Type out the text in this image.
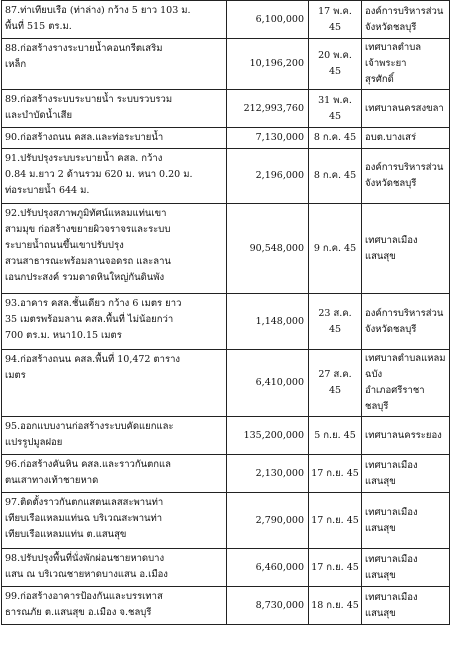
87.ท่าเทียบเรือ (ท่าล่าง) กว้าง 5 ยาว 103 ม.
พื้นที่ 515 ตร.ม.	6,100,000	17 พ.ค. 45	องค์การบริหารส่วน
จังหวัดชลบุรี
88.ก่อสร้างรางระบายน้ำคอนกรีตเสริม
เหล็ก	10,196,200	20 พ.ค. 45	เทศบาลตำบลเจ้าพระยา
สุรศักดิ์
89.ก่อสร้างระบบระบายน้ำ ระบบรวบรวม
และบำบัดน้ำเสีย	212,993,760	31 พ.ค. 45	เทศบาลนครสงขลา
90.ก่อสร้างถนน คสล.และท่อระบายน้ำ	7,130,000	8 ก.ค. 45	อบต.บางเสร่
91.ปรับปรุงระบบระบายน้ำ คสล. กว้าง
0.84 ม.ยาว 2 ด้านรวม 620 ม. หนา 0.20 ม.
ท่อระบายน้ำ 644 ม.	2,196,000	8 ก.ค. 45	องค์การบริหารส่วน
จังหวัดชลบุรี
92.ปรับปรุงสภาพภูมิทัศน์แหลมแท่นเขา
สามมุข ก่อสร้างขยายผิวจราจรและระบบ
ระบายน้ำถนนขึ้นเขาปรับปรุง
สวนสาธารณะพร้อมลานจอดรถ และลาน
เอนกประสงค์ รวมดาดหินใหญ่กันดินพัง	90,548,000	9 ก.ค. 45	เทศบาลเมืองแสนสุข
93.อาคาร คสล.ชั้นเดียว กว้าง 6 เมตร ยาว
35 เมตรพร้อมลาน คสล.พื้นที่ ไม่น้อยกว่า
700 ตร.ม. หนา10.15 เมตร	1,148,000	23 ส.ค. 45	องค์การบริหารส่วน
จังหวัดชลบุรี
94.ก่อสร้างถนน คสล.พื้นที่ 10,472 ตาราง
เมตร	6,410,000	27 ส.ค. 45	เทศบาลตำบลแหลมฉบัง
อำเภอศรีราชา ชลบุรี
95.ออกแบบงานก่อสร้างระบบคัดแยกและ
แปรรูปมูลฝอย	135,200,000	5 ก.ย. 45	เทศบาลนครระยอง
96.ก่อสร้างคันหิน คสล.และราวกันตกแล
ตนเสาทางเท้าชายหาด	2,130,000	17 ก.ย. 45	เทศบาลเมืองแสนสุข
97.ติดตั้งราวกันตกแสตนเลสสะพานท่า
เทียบเรือแหลมแท่นฉ บริเวณสะพานท่า
เทียบเรือแหลมแท่น ต.แสนสุข	2,790,000	17 ก.ย. 45	เทศบาลเมืองแสนสุข
98.ปรับปรุงพื้นที่นั่งพักผ่อนชายหาดบาง
แสน ณ บริเวณชายหาดบางแสน อ.เมือง	6,460,000	17 ก.ย. 45	เทศบาลเมืองแสนสุข
99.ก่อสร้างอาคารป้องกันและบรรเทาส
ธารณภัย ต.แสนสุข อ.เมือง จ.ชลบุรี	8,730,000	18 ก.ย. 45	เทศบาลเมืองแสนสุข
